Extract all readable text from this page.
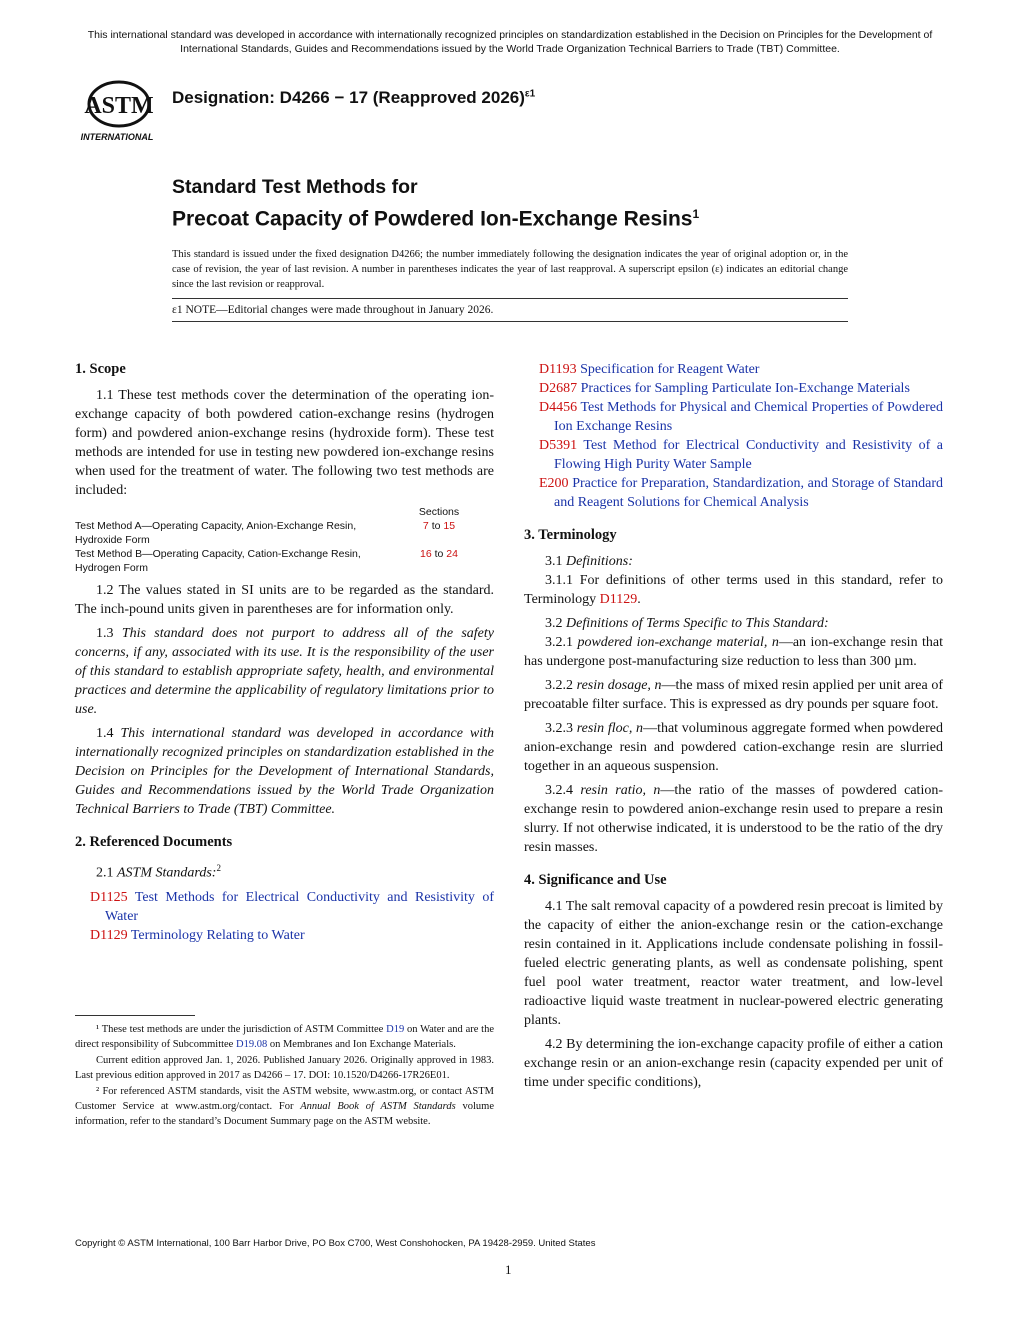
This international standard was developed in accordance with internationally recognized principles on standardization established in the Decision on Principles for the Development of International Standards, Guides and Recommendations issued by the World Trade Organization Technical Barriers to Trade (TBT) Committee.
ASTM
INTERNATIONAL
Designation: D4266 − 17 (Reapproved 2026)$^{\varepsilon 1}$
Standard Test Methods for
Precoat Capacity of Powdered Ion-Exchange Resins$^1$
This standard is issued under the fixed designation D4266; the number immediately following the designation indicates the year of original adoption or, in the case of revision, the year of last revision. A number in parentheses indicates the year of last reapproval. A superscript epsilon (ε) indicates an editorial change since the last revision or reapproval.
ε1 NOTE—Editorial changes were made throughout in January 2026.
1. Scope

1.1 These test methods cover the determination of the operating ion-exchange capacity of both powdered cation-exchange resins (hydrogen form) and powdered anion-exchange resins (hydroxide form). These test methods are intended for use in testing new powdered ion-exchange resins when used for the treatment of water. The following two test methods are included:

Sections
Test Method A—Operating Capacity, Anion-Exchange Resin, Hydroxide Form
7 to 15
Test Method B—Operating Capacity, Cation-Exchange Resin, Hydrogen Form
16 to 24

1.2 The values stated in SI units are to be regarded as the standard. The inch-pound units given in parentheses are for information only.

1.3 This standard does not purport to address all of the safety concerns, if any, associated with its use. It is the responsibility of the user of this standard to establish appropriate safety, health, and environmental practices and determine the applicability of regulatory limitations prior to use.

1.4 This international standard was developed in accordance with internationally recognized principles on standardization established in the Decision on Principles for the Development of International Standards, Guides and Recommendations issued by the World Trade Organization Technical Barriers to Trade (TBT) Committee.

2. Referenced Documents

2.1 ASTM Standards:$^2$

D1125 Test Methods for Electrical Conductivity and Resistivity of Water

D1129 Terminology Relating to Water

¹ These test methods are under the jurisdiction of ASTM Committee D19 on Water and are the direct responsibility of Subcommittee D19.08 on Membranes and Ion Exchange Materials.

Current edition approved Jan. 1, 2026. Published January 2026. Originally approved in 1983. Last previous edition approved in 2017 as D4266 – 17. DOI: 10.1520/D4266-17R26E01.

² For referenced ASTM standards, visit the ASTM website, www.astm.org, or contact ASTM Customer Service at www.astm.org/contact. For Annual Book of ASTM Standards volume information, refer to the standard’s Document Summary page on the ASTM website.

D1193 Specification for Reagent Water

D2687 Practices for Sampling Particulate Ion-Exchange Materials

D4456 Test Methods for Physical and Chemical Properties of Powdered Ion Exchange Resins

D5391 Test Method for Electrical Conductivity and Resistivity of a Flowing High Purity Water Sample

E200 Practice for Preparation, Standardization, and Storage of Standard and Reagent Solutions for Chemical Analysis

3. Terminology

3.1 Definitions:

3.1.1 For definitions of other terms used in this standard, refer to Terminology D1129.

3.2 Definitions of Terms Specific to This Standard:

3.2.1 powdered ion-exchange material, n—an ion-exchange resin that has undergone post-manufacturing size reduction to less than 300 µm.

3.2.2 resin dosage, n—the mass of mixed resin applied per unit area of precoatable filter surface. This is expressed as dry pounds per square foot.

3.2.3 resin floc, n—that voluminous aggregate formed when powdered anion-exchange resin and powdered cation-exchange resin are slurried together in an aqueous suspension.

3.2.4 resin ratio, n—the ratio of the masses of powdered cation-exchange resin to powdered anion-exchange resin used to prepare a resin slurry. If not otherwise indicated, it is understood to be the ratio of the dry resin masses.

4. Significance and Use

4.1 The salt removal capacity of a powdered resin precoat is limited by the capacity of either the anion-exchange resin or the cation-exchange resin contained in it. Applications include condensate polishing in fossil-fueled electric generating plants, as well as condensate polishing, spent fuel pool water treatment, reactor water treatment, and low-level radioactive liquid waste treatment in nuclear-powered electric generating plants.

4.2 By determining the ion-exchange capacity profile of either a cation exchange resin or an anion-exchange resin (capacity expended per unit of time under specific conditions),

Copyright © ASTM International, 100 Barr Harbor Drive, PO Box C700, West Conshohocken, PA 19428-2959. United States
1
